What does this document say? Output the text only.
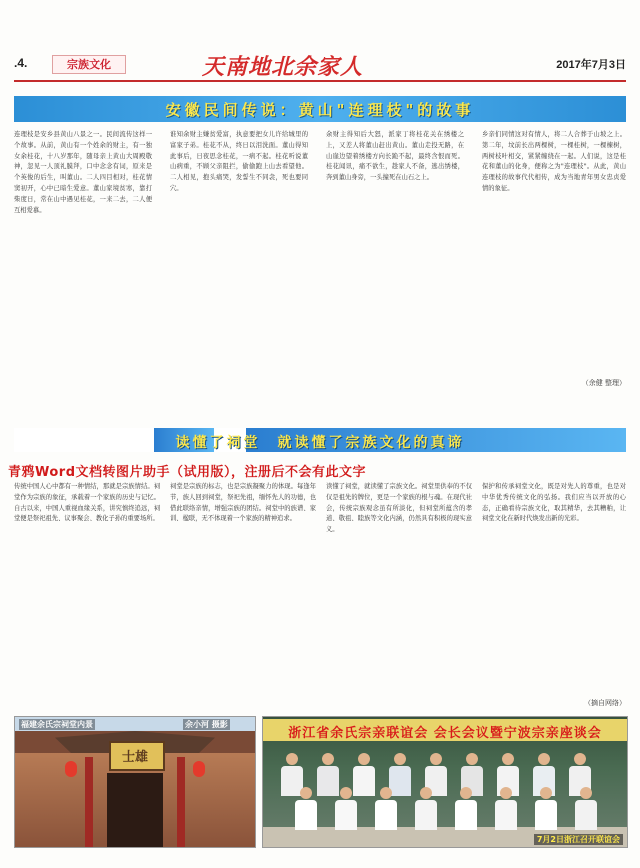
.4.	宗族文化	天南地北余家人	2017年7月3日
安徽民间传说：黄山"连理枝"的故事
连理枝是安乡县黄山八景之一。民间流传这样一个故事。从前，黄山有一个姓余的财主，有一独女余桂花，十八岁那年，随母亲上黄山大周殿敬神，忽见一人顶礼膜拜，口中念念有词，原来是个英俊的后生，叫董山。二人四目相对，桂花情窦初开，心中已暗生爱意。董山家境贫寒，靠打柴度日，常在山中遇见桂花，一来二去，二人便互相爱慕。
谁知余财主嫌贫爱富，执意要把女儿许给城里的富家子弟。桂花不从，终日以泪洗面。董山得知此事后，日夜思念桂花，一病不起。桂花听说董山病重，不顾父亲阻拦，偷偷跑上山去看望他。二人相见，抱头痛哭，发誓生不同衾，死也要同穴。
余财主得知后大怒，派家丁将桂花关在绣楼之上，又差人将董山赶出黄山。董山走投无路，在山崖边望着绣楼方向长跪不起，最终含恨而死。桂花闻讯，痛不欲生，趁家人不备，逃出绣楼，奔到董山身旁，一头撞死在山石之上。
乡亲们同情这对有情人，将二人合葬于山坡之上。第二年，坟前长出两棵树，一棵桂树，一棵楝树，两树枝叶相交，紧紧缠绕在一起。人们说，这是桂花和董山的化身，便称之为"连理枝"。从此，黄山连理枝的故事代代相传，成为当地青年男女忠贞爱情的象征。
（余健 整理）
读懂了祠堂　就读懂了宗族文化的真谛
青鸦Word文档转图片助手（试用版），注册后不会有此文字
传统中国人心中都有一种情结，那就是宗族情结。祠堂作为宗族的象征，承载着一个家族的历史与记忆。自古以来，中国人重视血缘关系，讲究慎终追远，祠堂便是祭祀祖先、议事聚会、教化子孙的重要场所。
祠堂是宗族的标志，也是宗族凝聚力的体现。每逢年节，族人回到祠堂，祭祀先祖，缅怀先人的功德，也借此联络亲情，增强宗族的团结。祠堂中的族谱、家训、楹联，无不体现着一个家族的精神追求。
读懂了祠堂，就读懂了宗族文化。祠堂里供奉的不仅仅是祖先的牌位，更是一个家族的根与魂。在现代社会，传统宗族观念虽有所淡化，但祠堂所蕴含的孝道、敬祖、睦族等文化内涵，仍然具有积极的现实意义。
保护和传承祠堂文化，既是对先人的尊重，也是对中华优秀传统文化的弘扬。我们应当以开放的心态，正确看待宗族文化，取其精华，去其糟粕，让祠堂文化在新时代焕发出新的光彩。
（摘自网络）
士雄
福建余氏宗祠堂内景	余小河 摄影
浙江省余氏宗亲联谊会 会长会议暨宁波宗亲座谈会
7月2日浙江召开联谊会
